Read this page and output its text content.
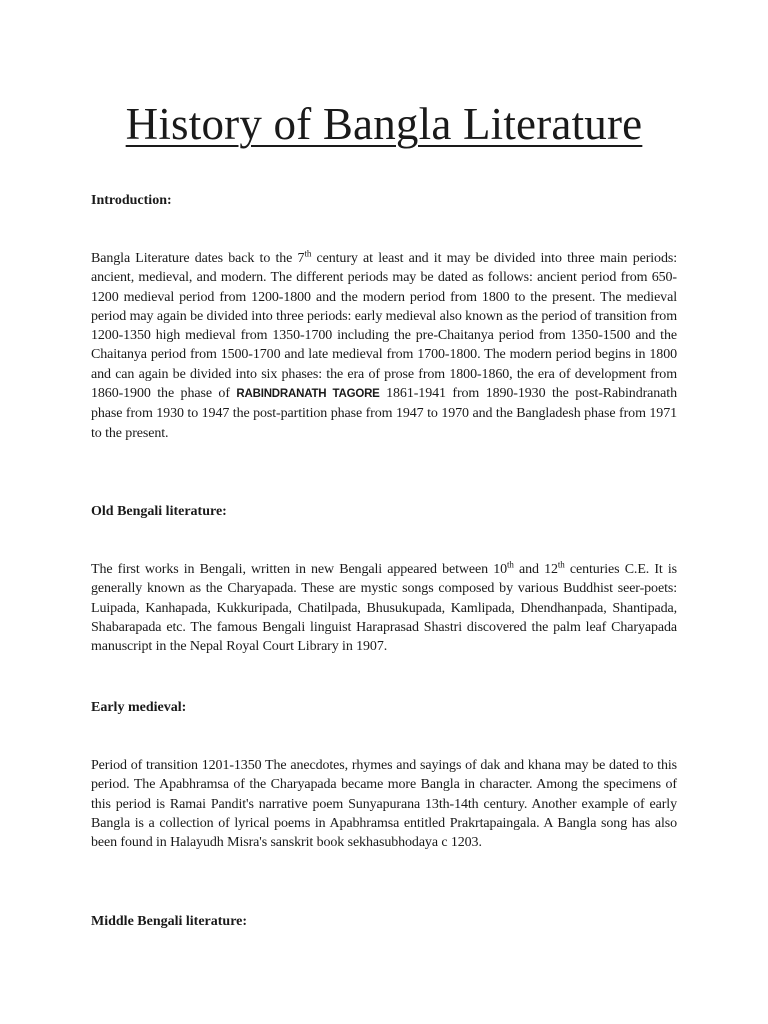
History of Bangla Literature
Introduction:

Bangla Literature dates back to the 7th century at least and it may be divided into three main periods: ancient, medieval, and modern. The different periods may be dated as follows: ancient period from 650-1200 medieval period from 1200-1800 and the modern period from 1800 to the present. The medieval period may again be divided into three periods: early medieval also known as the period of transition from 1200-1350 high medieval from 1350-1700 including the pre-Chaitanya period from 1350-1500 and the Chaitanya period from 1500-1700 and late medieval from 1700-1800. The modern period begins in 1800 and can again be divided into six phases: the era of prose from 1800-1860, the era of development from 1860-1900 the phase of RABINDRANATH TAGORE 1861-1941 from 1890-1930 the post-Rabindranath phase from 1930 to 1947 the post-partition phase from 1947 to 1970 and the Bangladesh phase from 1971 to the present.

Old Bengali literature:

The first works in Bengali, written in new Bengali appeared between 10th and 12th centuries C.E. It is generally known as the Charyapada. These are mystic songs composed by various Buddhist seer-poets: Luipada, Kanhapada, Kukkuripada, Chatilpada, Bhusukupada, Kamlipada, Dhendhanpada, Shantipada, Shabarapada etc. The famous Bengali linguist Haraprasad Shastri discovered the palm leaf Charyapada manuscript in the Nepal Royal Court Library in 1907.

Early medieval:

Period of transition 1201-1350 The anecdotes, rhymes and sayings of dak and khana may be dated to this period. The Apabhramsa of the Charyapada became more Bangla in character. Among the specimens of this period is Ramai Pandit's narrative poem Sunyapurana 13th-14th century. Another example of early Bangla is a collection of lyrical poems in Apabhramsa entitled Prakrtapaingala. A Bangla song has also been found in Halayudh Misra's sanskrit book sekhasubhodaya c 1203.

Middle Bengali literature:
